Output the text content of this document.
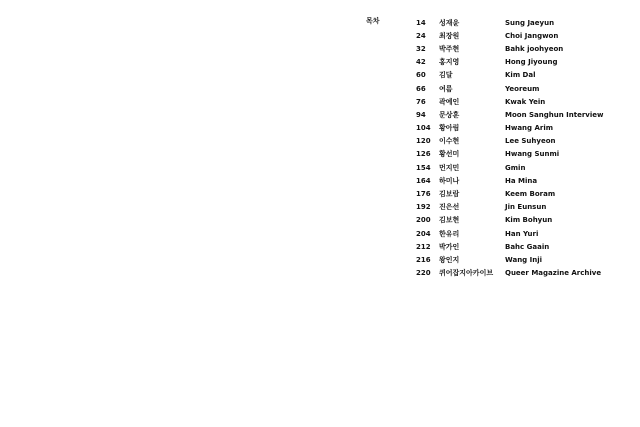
목차	14	성재윤	Sung Jaeyun
24	최장원	Choi Jangwon
32	박주현	Bahk joohyeon
42	홍지영	Hong Jiyoung
60	김달	Kim Dal
66	여름	Yeoreum
76	곽예인	Kwak Yein
94	문상훈	Moon Sanghun Interview
104	황아림	Hwang Arim
120	이수현	Lee Suhyeon
126	황선미	Hwang Sunmi
154	먼지민	Gmin
164	하미나	Ha Mina
176	김보람	Keem Boram
192	진은선	Jin Eunsun
200	김보현	Kim Bohyun
204	한유리	Han Yuri
212	박가인	Bahc Gaain
216	왕인지	Wang Inji
220	퀴어잡지아카이브	Queer Magazine Archive
